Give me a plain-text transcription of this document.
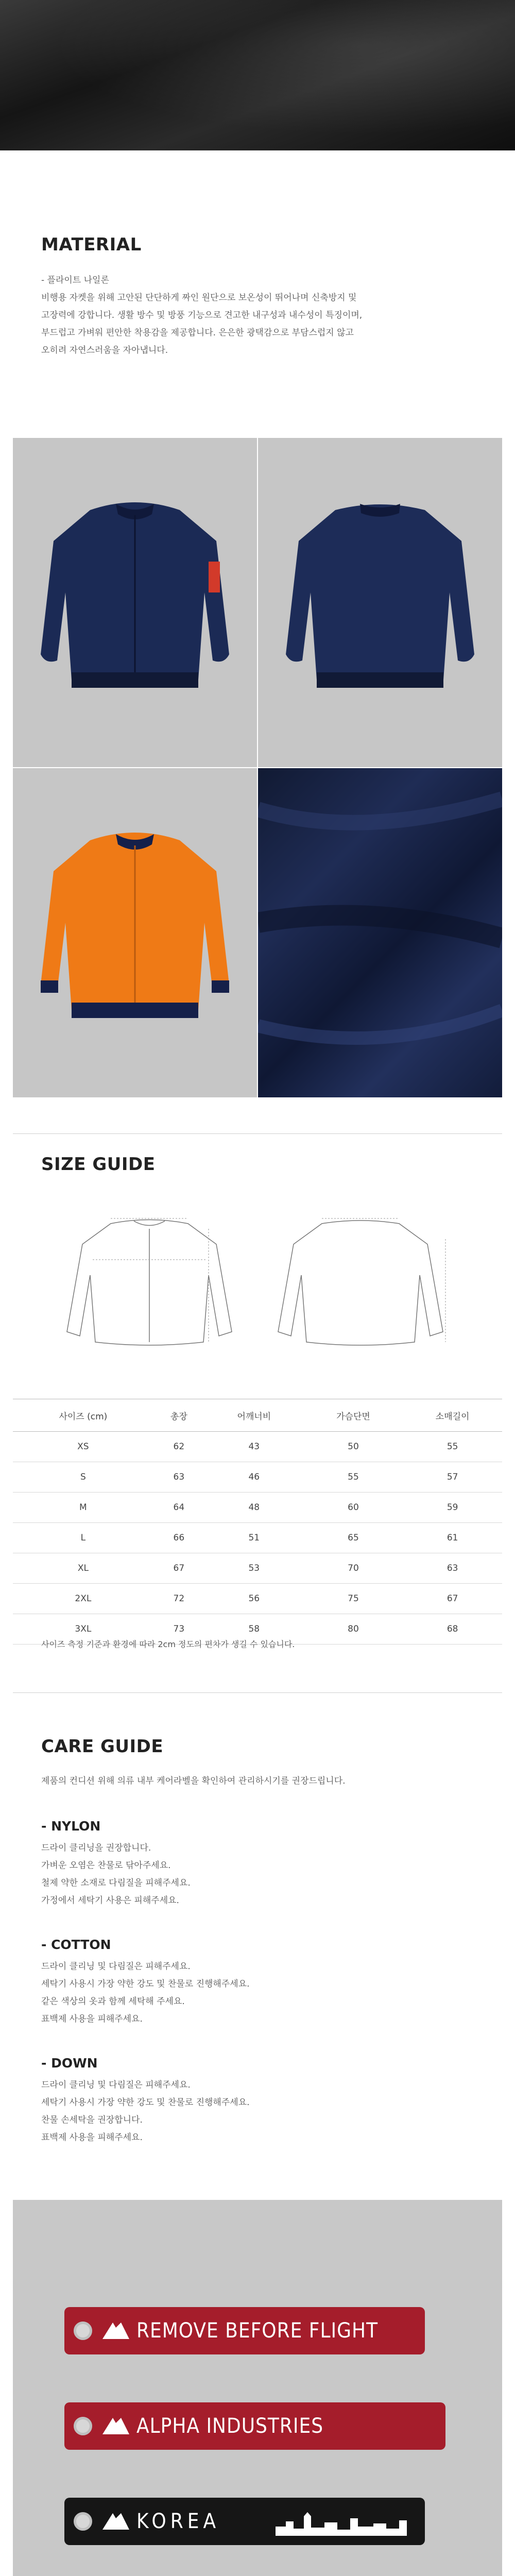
MATERIAL

- 플라이트 나일론

비행용 자켓을 위해 고안된 단단하게 짜인 원단으로 보온성이 뛰어나며 신축방지 및

고장력에 강합니다. 생활 방수 및 방풍 기능으로 견고한 내구성과 내수성이 특징이며,

부드럽고 가벼워 편안한 착용감을 제공합니다. 은은한 광택감으로 부담스럽지 않고

오히려 자연스러움을 자아냅니다.

SIZE GUIDE
사이즈 (cm)	총장	어깨너비	가슴단면	소매길이
XS	62	43	50	55
S	63	46	55	57
M	64	48	60	59
L	66	51	65	61
XL	67	53	70	63
2XL	72	56	75	67
3XL	73	58	80	68
사이즈 측정 기준과 환경에 따라 2cm 정도의 편차가 생길 수 있습니다.
CARE GUIDE
제품의 컨디션 위해 의류 내부 케어라벨을 확인하여 관리하시기를 권장드립니다.
- NYLON
드라이 클리닝을 권장합니다.
가벼운 오염은 찬물로 닦아주세요.
철제 약한 소재로 다림질을 피해주세요.
가정에서 세탁기 사용은 피해주세요.
- COTTON
드라이 클리닝 및 다림질은 피해주세요.
세탁기 사용시 가장 약한 강도 및 찬물로 진행해주세요.
같은 색상의 옷과 함께 세탁해 주세요.
표백제 사용을 피해주세요.
- DOWN
드라이 클리닝 및 다림질은 피해주세요.
세탁기 사용시 가장 약한 강도 및 찬물로 진행해주세요.
찬물 손세탁을 권장합니다.
표백제 사용을 피해주세요.
REMOVE BEFORE FLIGHT
ALPHA INDUSTRIES
KOREA
